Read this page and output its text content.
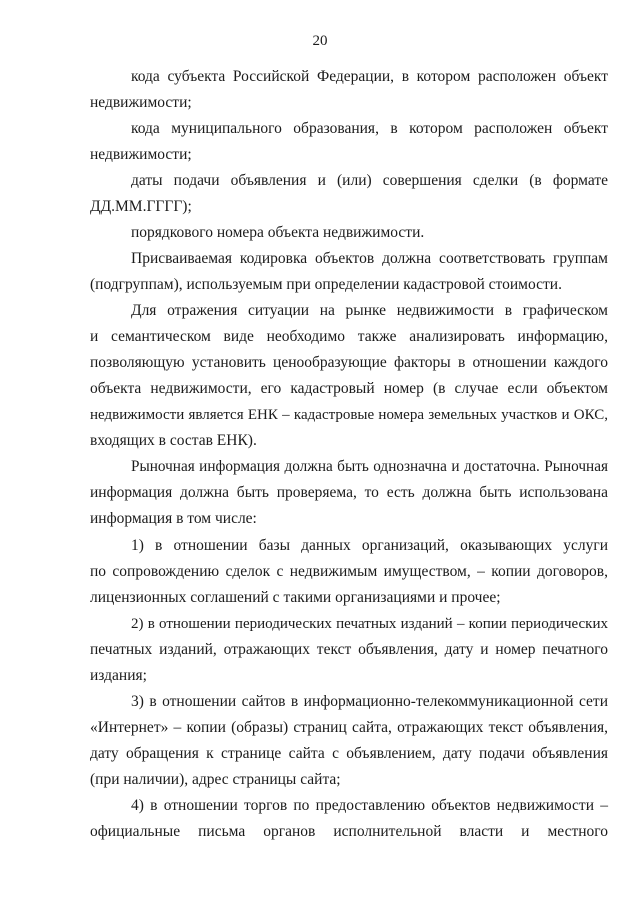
20
кода субъекта Российской Федерации, в котором расположен объект
недвижимости;
кода муниципального образования, в котором расположен объект
недвижимости;
даты подачи объявления и (или) совершения сделки (в формате
ДД.ММ.ГГГГ);
порядкового номера объекта недвижимости.
Присваиваемая кодировка объектов должна соответствовать группам
(подгруппам), используемым при определении кадастровой стоимости.
Для отражения ситуации на рынке недвижимости в графическом
и семантическом виде необходимо также анализировать информацию,
позволяющую установить ценообразующие факторы в отношении каждого
объекта недвижимости, его кадастровый номер (в случае если объектом
недвижимости является ЕНК – кадастровые номера земельных участков и ОКС,
входящих в состав ЕНК).
Рыночная информация должна быть однозначна и достаточна. Рыночная
информация должна быть проверяема, то есть должна быть использована
информация в том числе:
1) в отношении базы данных организаций, оказывающих услуги
по сопровождению сделок с недвижимым имуществом, – копии договоров,
лицензионных соглашений с такими организациями и прочее;
2) в отношении периодических печатных изданий – копии периодических
печатных изданий, отражающих текст объявления, дату и номер печатного
издания;
3) в отношении сайтов в информационно-телекоммуникационной сети
«Интернет» – копии (образы) страниц сайта, отражающих текст объявления,
дату обращения к странице сайта с объявлением, дату подачи объявления
(при наличии), адрес страницы сайта;
4) в отношении торгов по предоставлению объектов недвижимости –
официальные письма органов исполнительной власти и местного
